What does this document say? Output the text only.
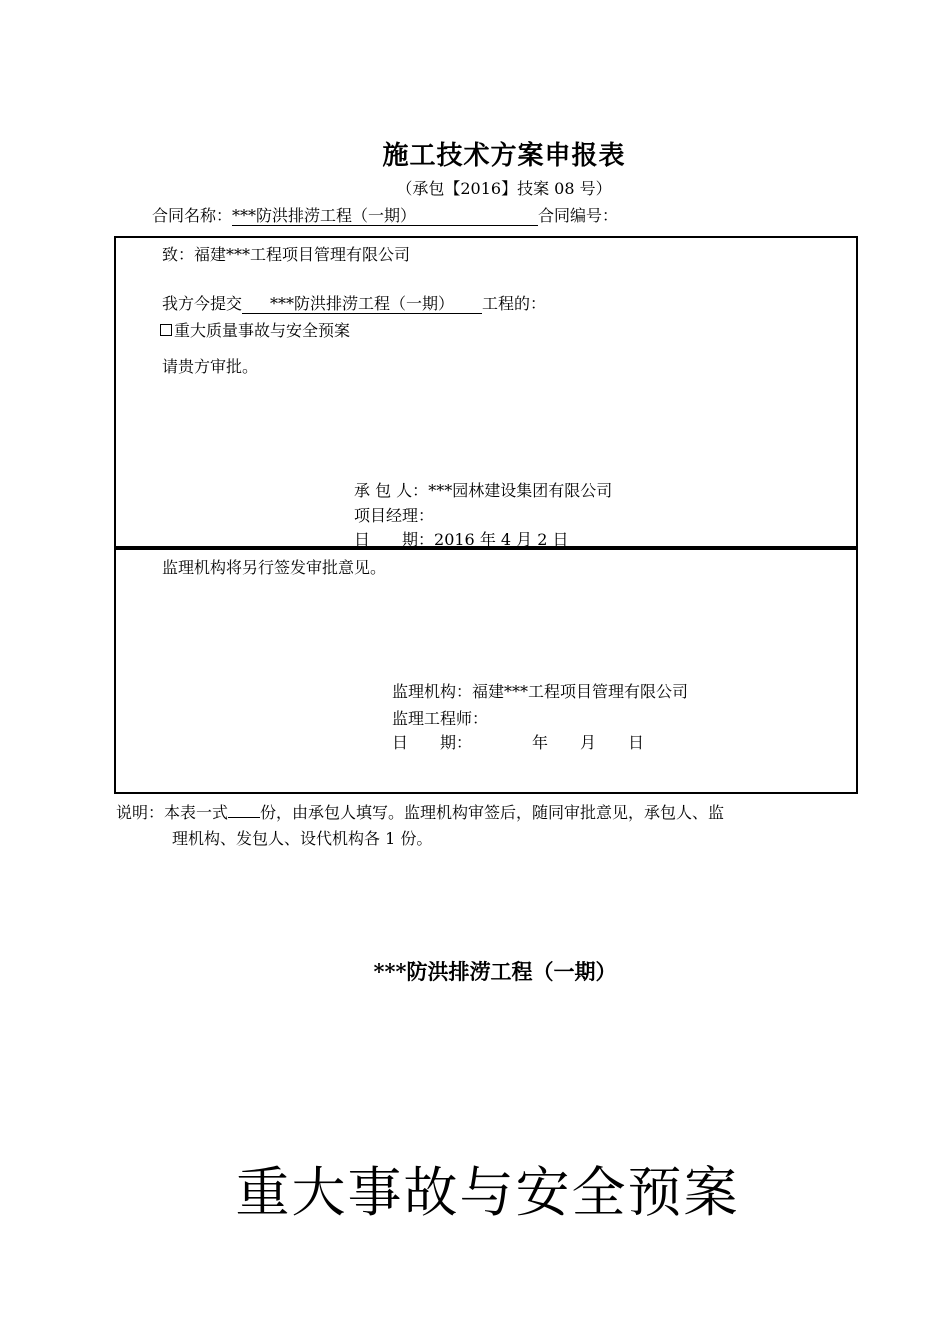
施工技术方案申报表
（承包【2016】技案 08 号）
合同名称：***防洪排涝工程（一期）	合同编号：
致：福建***工程项目管理有限公司
我方今提交 ***防洪排涝工程（一期） 工程的：
重大质量事故与安全预案
请贵方审批。
承 包 人：***园林建设集团有限公司
项目经理：
日　　期：2016 年 4 月 2 日
监理机构将另行签发审批意见。
监理机构：福建***工程项目管理有限公司
监理工程师：
日　　期：	年　　月　　日
说明：本表一式 份，由承包人填写。监理机构审签后，随同审批意见，承包人、监
理机构、发包人、设代机构各 1 份。
***防洪排涝工程（一期）
重大事故与安全预案
